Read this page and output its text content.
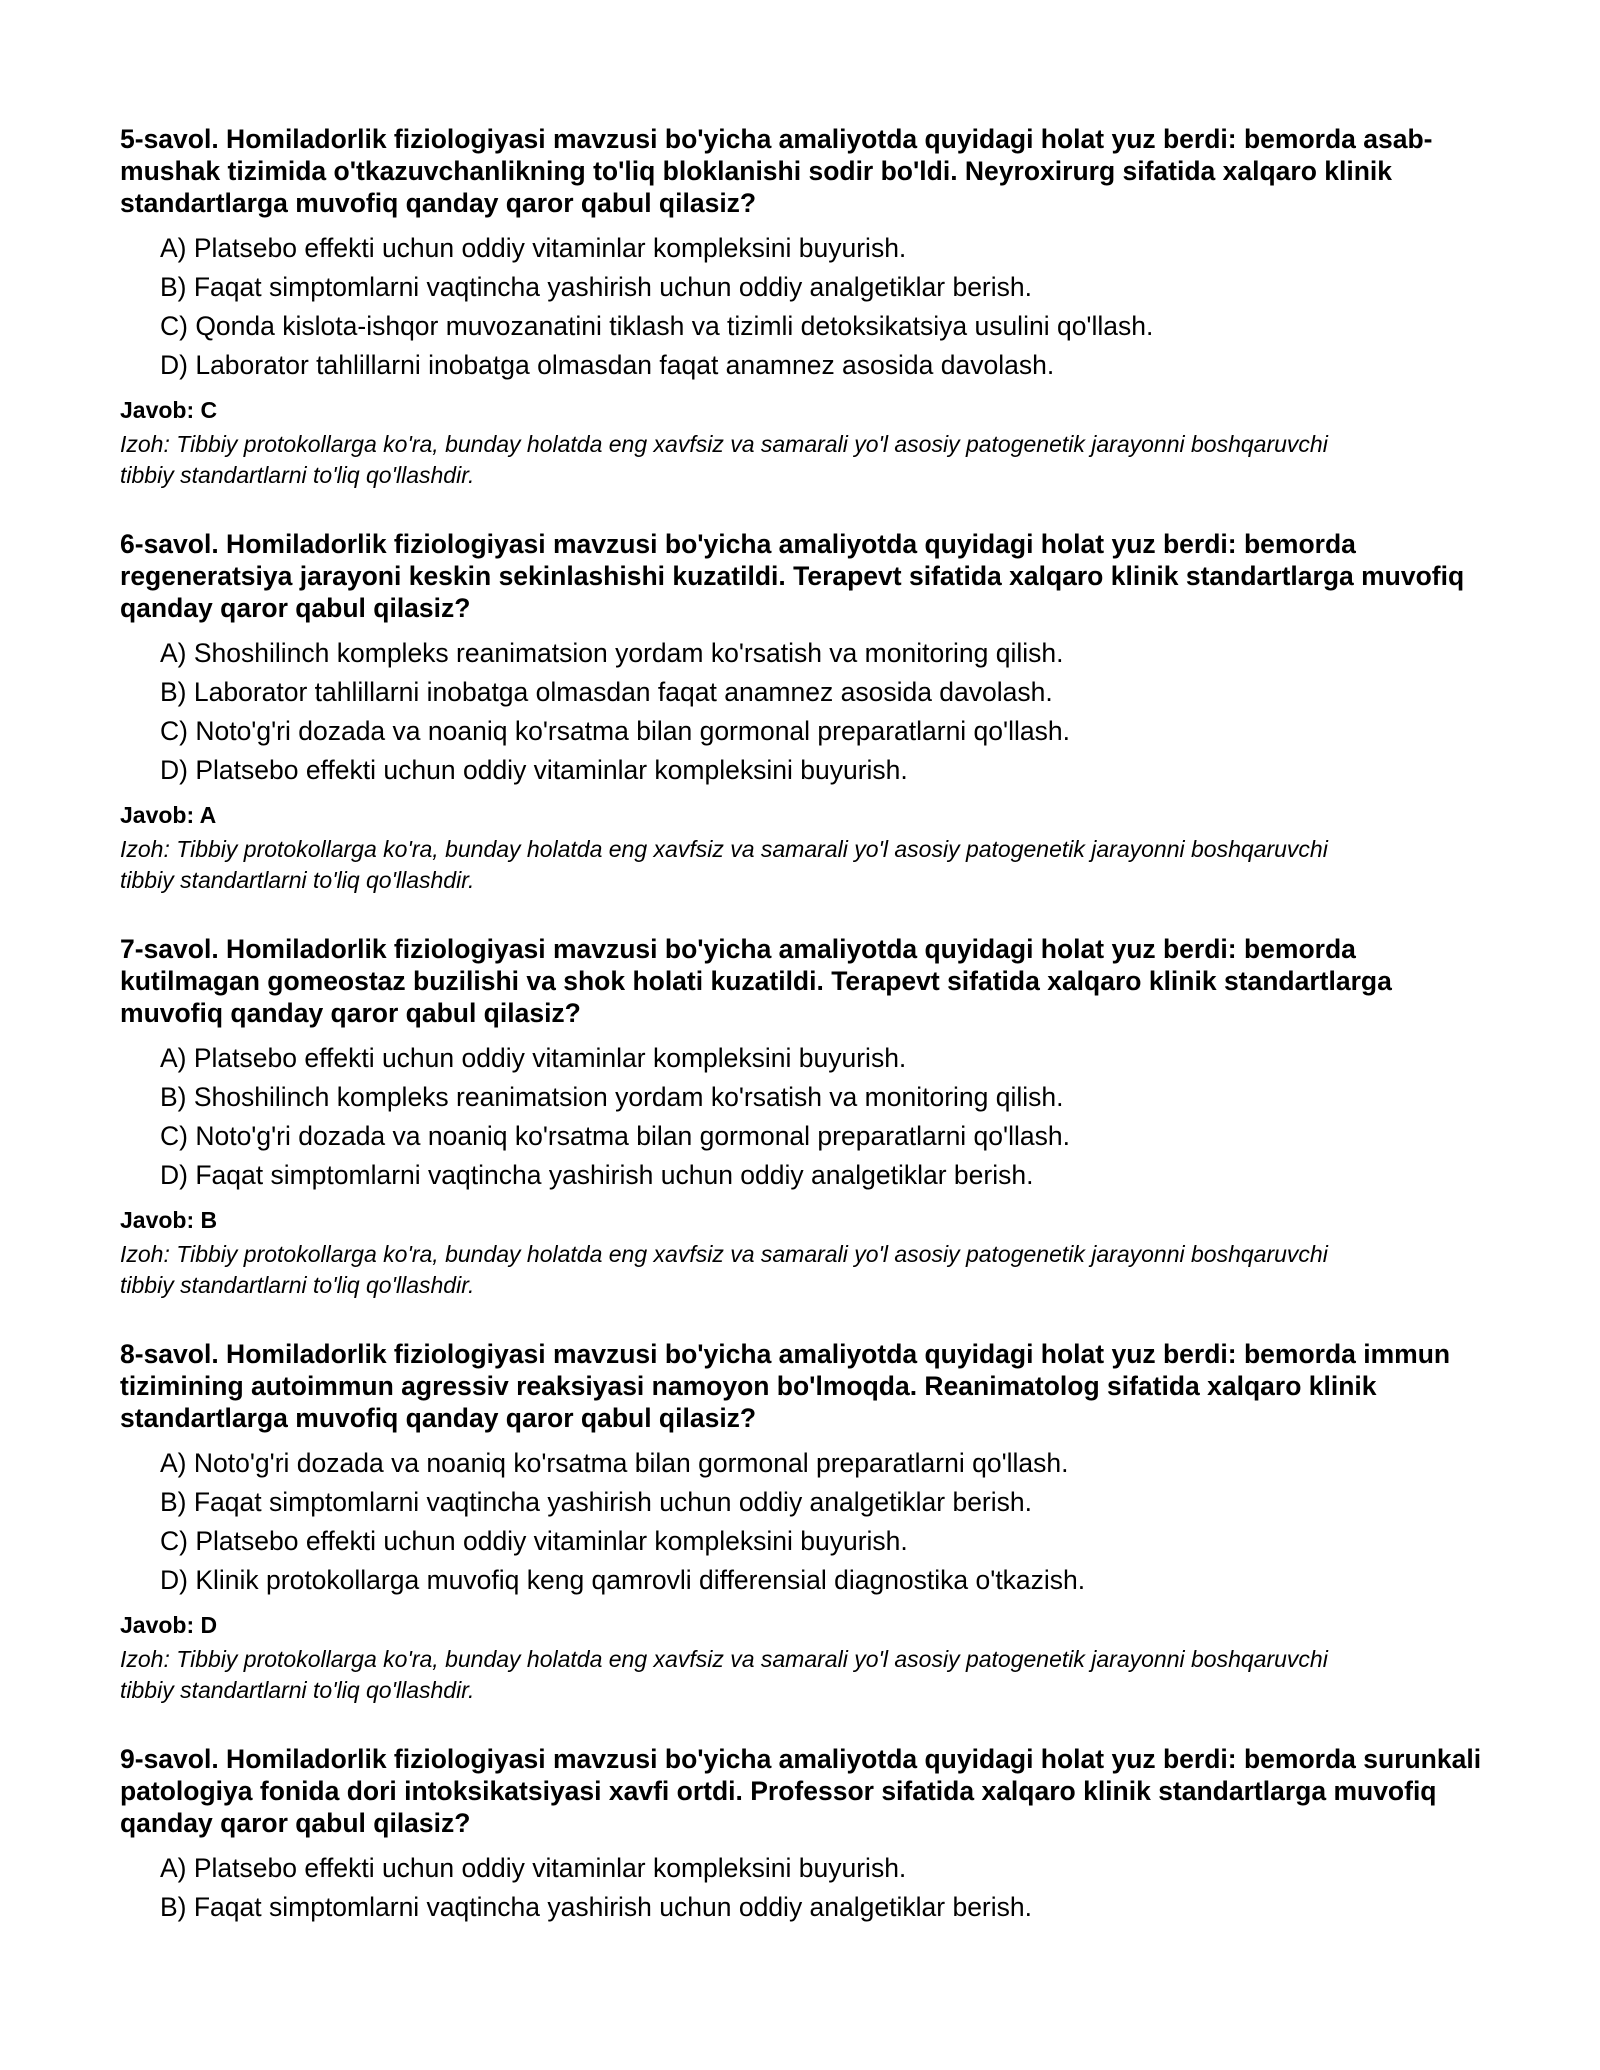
5-savol. Homiladorlik fiziologiyasi mavzusi bo'yicha amaliyotda quyidagi holat yuz berdi: bemorda asab-mushak tizimida o'tkazuvchanlikning to'liq bloklanishi sodir bo'ldi. Neyroxirurg sifatida xalqaro klinik standartlarga muvofiq qanday qaror qabul qilasiz?

A) Platsebo effekti uchun oddiy vitaminlar kompleksini buyurish.
B) Faqat simptomlarni vaqtincha yashirish uchun oddiy analgetiklar berish.
C) Qonda kislota-ishqor muvozanatini tiklash va tizimli detoksikatsiya usulini qo'llash.
D) Laborator tahlillarni inobatga olmasdan faqat anamnez asosida davolash.

Javob: C

Izoh: Tibbiy protokollarga ko'ra, bunday holatda eng xavfsiz va samarali yo'l asosiy patogenetik jarayonni boshqaruvchi tibbiy standartlarni to'liq qo'llashdir.

6-savol. Homiladorlik fiziologiyasi mavzusi bo'yicha amaliyotda quyidagi holat yuz berdi: bemorda regeneratsiya jarayoni keskin sekinlashishi kuzatildi. Terapevt sifatida xalqaro klinik standartlarga muvofiq qanday qaror qabul qilasiz?

A) Shoshilinch kompleks reanimatsion yordam ko'rsatish va monitoring qilish.
B) Laborator tahlillarni inobatga olmasdan faqat anamnez asosida davolash.
C) Noto'g'ri dozada va noaniq ko'rsatma bilan gormonal preparatlarni qo'llash.
D) Platsebo effekti uchun oddiy vitaminlar kompleksini buyurish.

Javob: A

Izoh: Tibbiy protokollarga ko'ra, bunday holatda eng xavfsiz va samarali yo'l asosiy patogenetik jarayonni boshqaruvchi tibbiy standartlarni to'liq qo'llashdir.

7-savol. Homiladorlik fiziologiyasi mavzusi bo'yicha amaliyotda quyidagi holat yuz berdi: bemorda kutilmagan gomeostaz buzilishi va shok holati kuzatildi. Terapevt sifatida xalqaro klinik standartlarga muvofiq qanday qaror qabul qilasiz?

A) Platsebo effekti uchun oddiy vitaminlar kompleksini buyurish.
B) Shoshilinch kompleks reanimatsion yordam ko'rsatish va monitoring qilish.
C) Noto'g'ri dozada va noaniq ko'rsatma bilan gormonal preparatlarni qo'llash.
D) Faqat simptomlarni vaqtincha yashirish uchun oddiy analgetiklar berish.

Javob: B

Izoh: Tibbiy protokollarga ko'ra, bunday holatda eng xavfsiz va samarali yo'l asosiy patogenetik jarayonni boshqaruvchi tibbiy standartlarni to'liq qo'llashdir.

8-savol. Homiladorlik fiziologiyasi mavzusi bo'yicha amaliyotda quyidagi holat yuz berdi: bemorda immun tizimining autoimmun agressiv reaksiyasi namoyon bo'lmoqda. Reanimatolog sifatida xalqaro klinik standartlarga muvofiq qanday qaror qabul qilasiz?

A) Noto'g'ri dozada va noaniq ko'rsatma bilan gormonal preparatlarni qo'llash.
B) Faqat simptomlarni vaqtincha yashirish uchun oddiy analgetiklar berish.
C) Platsebo effekti uchun oddiy vitaminlar kompleksini buyurish.
D) Klinik protokollarga muvofiq keng qamrovli differensial diagnostika o'tkazish.

Javob: D

Izoh: Tibbiy protokollarga ko'ra, bunday holatda eng xavfsiz va samarali yo'l asosiy patogenetik jarayonni boshqaruvchi tibbiy standartlarni to'liq qo'llashdir.

9-savol. Homiladorlik fiziologiyasi mavzusi bo'yicha amaliyotda quyidagi holat yuz berdi: bemorda surunkali patologiya fonida dori intoksikatsiyasi xavfi ortdi. Professor sifatida xalqaro klinik standartlarga muvofiq qanday qaror qabul qilasiz?

A) Platsebo effekti uchun oddiy vitaminlar kompleksini buyurish.
B) Faqat simptomlarni vaqtincha yashirish uchun oddiy analgetiklar berish.
